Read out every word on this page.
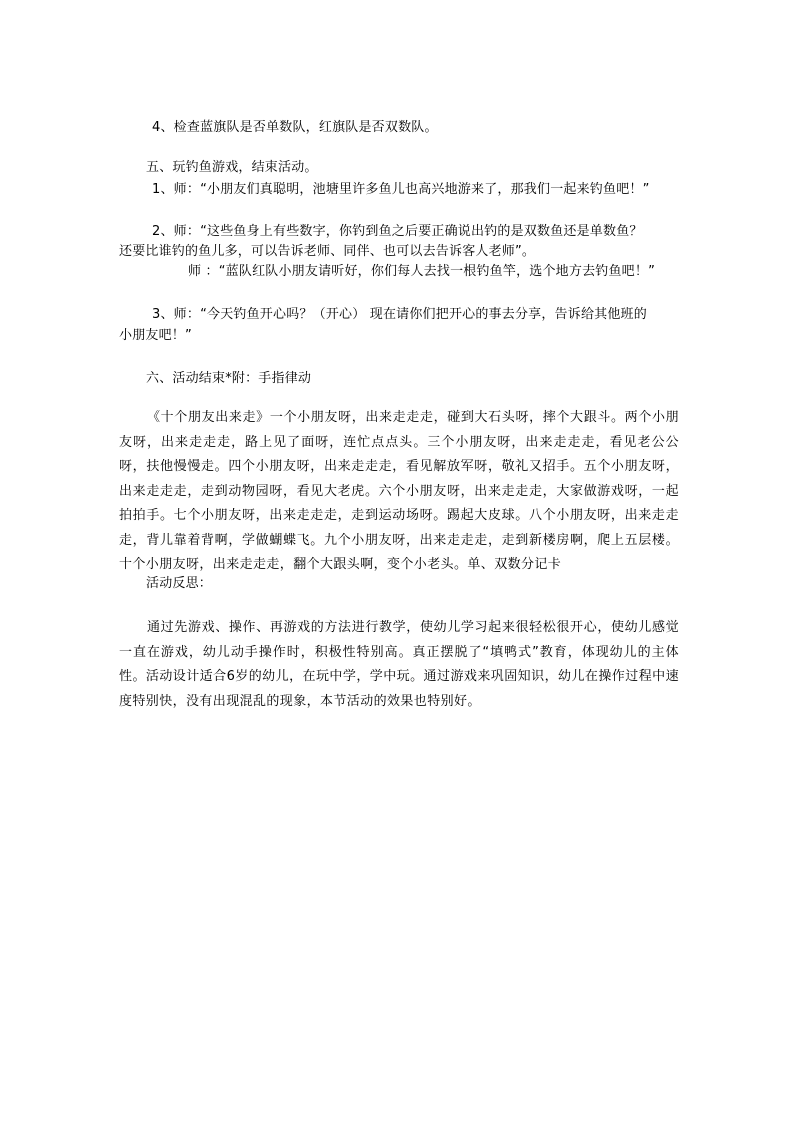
4、检查蓝旗队是否单数队，红旗队是否双数队。
五、玩钓鱼游戏，结束活动。
1、师：“小朋友们真聪明，池塘里许多鱼儿也高兴地游来了，那我们一起来钓鱼吧！”
2、师：“这些鱼身上有些数字，你钓到鱼之后要正确说出钓的是双数鱼还是单数鱼？
还要比谁钓的鱼儿多，可以告诉老师、同伴、也可以去告诉客人老师”。
师 ：“蓝队红队小朋友请听好，你们每人去找一根钓鱼竿，选个地方去钓鱼吧！”
3、师：“今天钓鱼开心吗？（开心） 现在请你们把开心的事去分享，告诉给其他班的
小朋友吧！”
六、活动结束*附：手指律动
《十个朋友出来走》一个小朋友呀，出来走走走，碰到大石头呀，摔个大跟斗。两个小朋友呀，出来走走走，路上见了面呀，连忙点点头。三个小朋友呀，出来走走走，看见老公公呀，扶他慢慢走。四个小朋友呀，出来走走走，看见解放军呀，敬礼又招手。五个小朋友呀，出来走走走，走到动物园呀，看见大老虎。六个小朋友呀，出来走走走，大家做游戏呀，一起拍拍手。七个小朋友呀，出来走走走，走到运动场呀。踢起大皮球。八个小朋友呀，出来走走走，背儿靠着背啊，学做蝴蝶飞。九个小朋友呀，出来走走走，走到新楼房啊，爬上五层楼。十个小朋友呀，出来走走走，翻个大跟头啊，变个小老头。单、双数分记卡
活动反思：
通过先游戏、操作、再游戏的方法进行教学，使幼儿学习起来很轻松很开心，使幼儿感觉一直在游戏，幼儿动手操作时，积极性特别高。真正摆脱了“填鸭式”教育，体现幼儿的主体性。活动设计适合6岁的幼儿，在玩中学，学中玩。通过游戏来巩固知识，幼儿在操作过程中速度特别快，没有出现混乱的现象，本节活动的效果也特别好。
